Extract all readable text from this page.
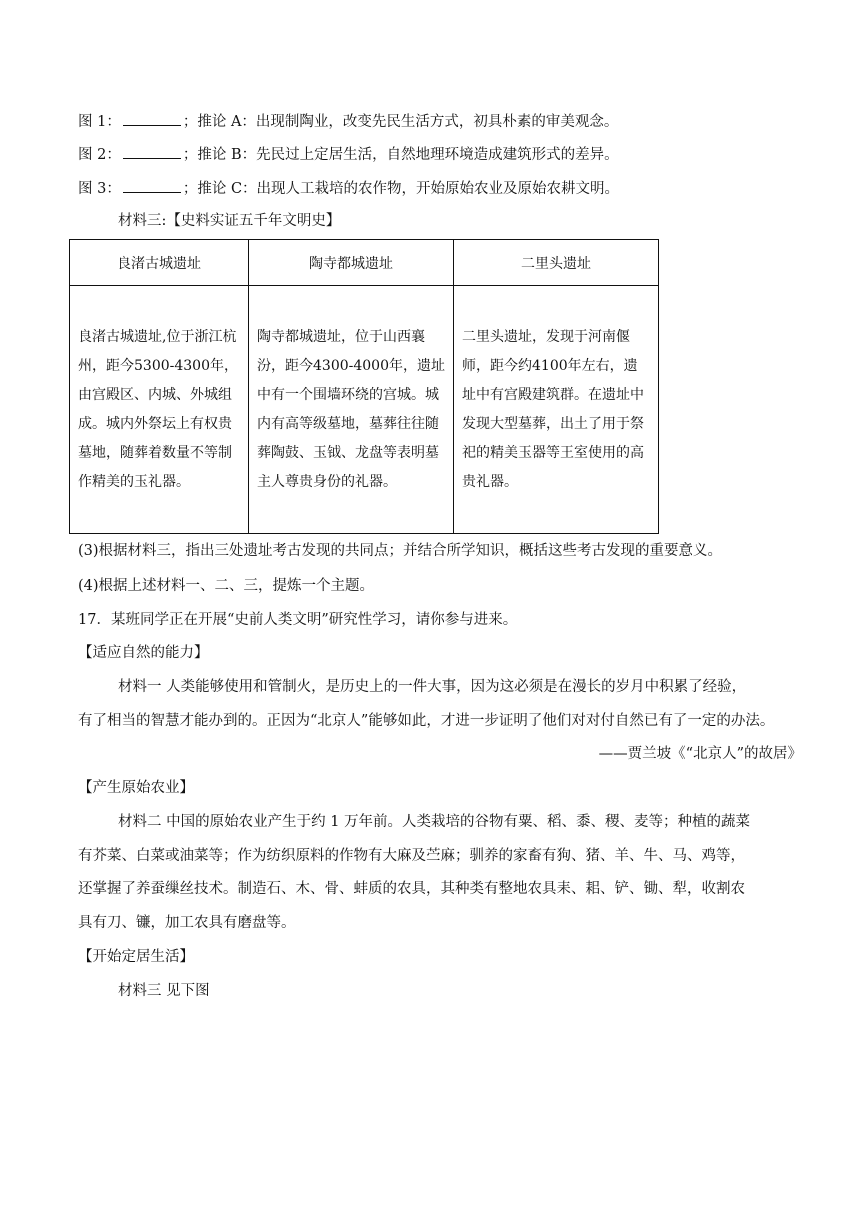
图 1：	；推论 A：出现制陶业，改变先民生活方式，初具朴素的审美观念。
图 2：	；推论 B：先民过上定居生活，自然地理环境造成建筑形式的差异。
图 3：	；推论 C：出现人工栽培的农作物，开始原始农业及原始农耕文明。
材料三:【史料实证五千年文明史】
良渚古城遗址	陶寺都城遗址	二里头遗址
良渚古城遗址,位于浙江杭州，距今5300-4300年，由宫殿区、内城、外城组成。城内外祭坛上有权贵墓地，随葬着数量不等制作精美的玉礼器。	陶寺都城遗址，位于山西襄汾，距今4300-4000年，遗址中有一个围墙环绕的宫城。城内有高等级墓地，墓葬往往随葬陶鼓、玉钺、龙盘等表明墓主人尊贵身份的礼器。	二里头遗址，发现于河南偃师，距今约4100年左右，遗址中有宫殿建筑群。在遗址中发现大型墓葬，出土了用于祭祀的精美玉器等王室使用的高贵礼器。
(3)根据材料三，指出三处遗址考古发现的共同点；并结合所学知识，概括这些考古发现的重要意义。
(4)根据上述材料一、二、三，提炼一个主题。
17．某班同学正在开展“史前人类文明”研究性学习，请你参与进来。
【适应自然的能力】
材料一 人类能够使用和管制火，是历史上的一件大事，因为这必须是在漫长的岁月中积累了经验，
有了相当的智慧才能办到的。正因为“北京人”能够如此，才进一步证明了他们对对付自然已有了一定的办法。
——贾兰坡《“北京人”的故居》
【产生原始农业】
材料二 中国的原始农业产生于约 1 万年前。人类栽培的谷物有粟、稻、黍、稷、麦等；种植的蔬菜
有芥菜、白菜或油菜等；作为纺织原料的作物有大麻及苎麻；驯养的家畜有狗、猪、羊、牛、马、鸡等，
还掌握了养蚕缫丝技术。制造石、木、骨、蚌质的农具，其种类有整地农具耒、耜、铲、锄、犁，收割农
具有刀、镰，加工农具有磨盘等。
【开始定居生活】
材料三 见下图
